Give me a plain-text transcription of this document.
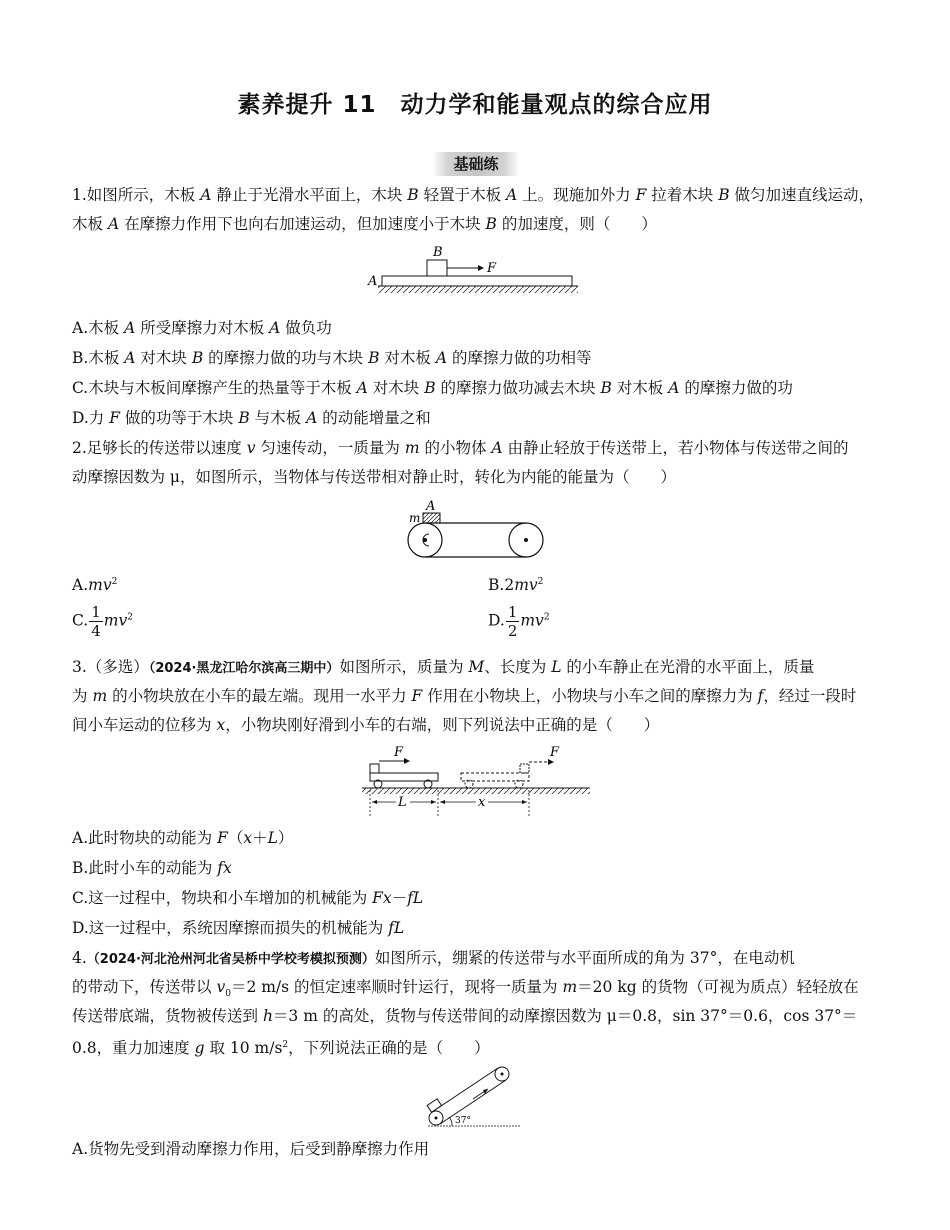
素养提升 11　动力学和能量观点的综合应用
基础练
1.如图所示，木板 A 静止于光滑水平面上，木块 B 轻置于木板 A 上。现施加外力 F 拉着木块 B 做匀加速直线运动，
木板 A 在摩擦力作用下也向右加速运动，但加速度小于木块 B 的加速度，则（　　）
A
B
F
A.木板 A 所受摩擦力对木板 A 做负功
B.木板 A 对木块 B 的摩擦力做的功与木块 B 对木板 A 的摩擦力做的功相等
C.木块与木板间摩擦产生的热量等于木板 A 对木块 B 的摩擦力做功减去木块 B 对木板 A 的摩擦力做的功
D.力 F 做的功等于木块 B 与木板 A 的动能增量之和
2.足够长的传送带以速度 v 匀速传动，一质量为 m 的小物体 A 由静止轻放于传送带上，若小物体与传送带之间的
动摩擦因数为 μ，如图所示，当物体与传送带相对静止时，转化为内能的能量为（　　）
A
m
$A.mv^2$	$B.2mv^2$
C. $\frac{1}{4} mv^2$	D. $\frac{1}{2} mv^2$
3.（多选）（2024·黑龙江哈尔滨高三期中）如图所示，质量为 M、长度为 L 的小车静止在光滑的水平面上，质量
为 m 的小物块放在小车的最左端。现用一水平力 F 作用在小物块上，小物块与小车之间的摩擦力为 f，经过一段时
间小车运动的位移为 x，小物块刚好滑到小车的右端，则下列说法中正确的是（　　）
F	F
L	x
A.此时物块的动能为 F（x＋L）
B.此时小车的动能为 fx
C.这一过程中，物块和小车增加的机械能为 Fx－fL
D.这一过程中，系统因摩擦而损失的机械能为 fL
4.（2024·河北沧州河北省吴桥中学校考模拟预测）如图所示，绷紧的传送带与水平面所成的角为 37°，在电动机
的带动下，传送带以 $v_0=2$ m/s 的恒定速率顺时针运行，现将一质量为 m＝20 kg 的货物（可视为质点）轻轻放在
传送带底端，货物被传送到 h＝3 m 的高处，货物与传送带间的动摩擦因数为 μ＝0.8，sin 37°＝0.6，cos 37°＝
0.8，重力加速度 g 取 10 $m/s^2$，下列说法正确的是（　　）
37°
A.货物先受到滑动摩擦力作用，后受到静摩擦力作用
